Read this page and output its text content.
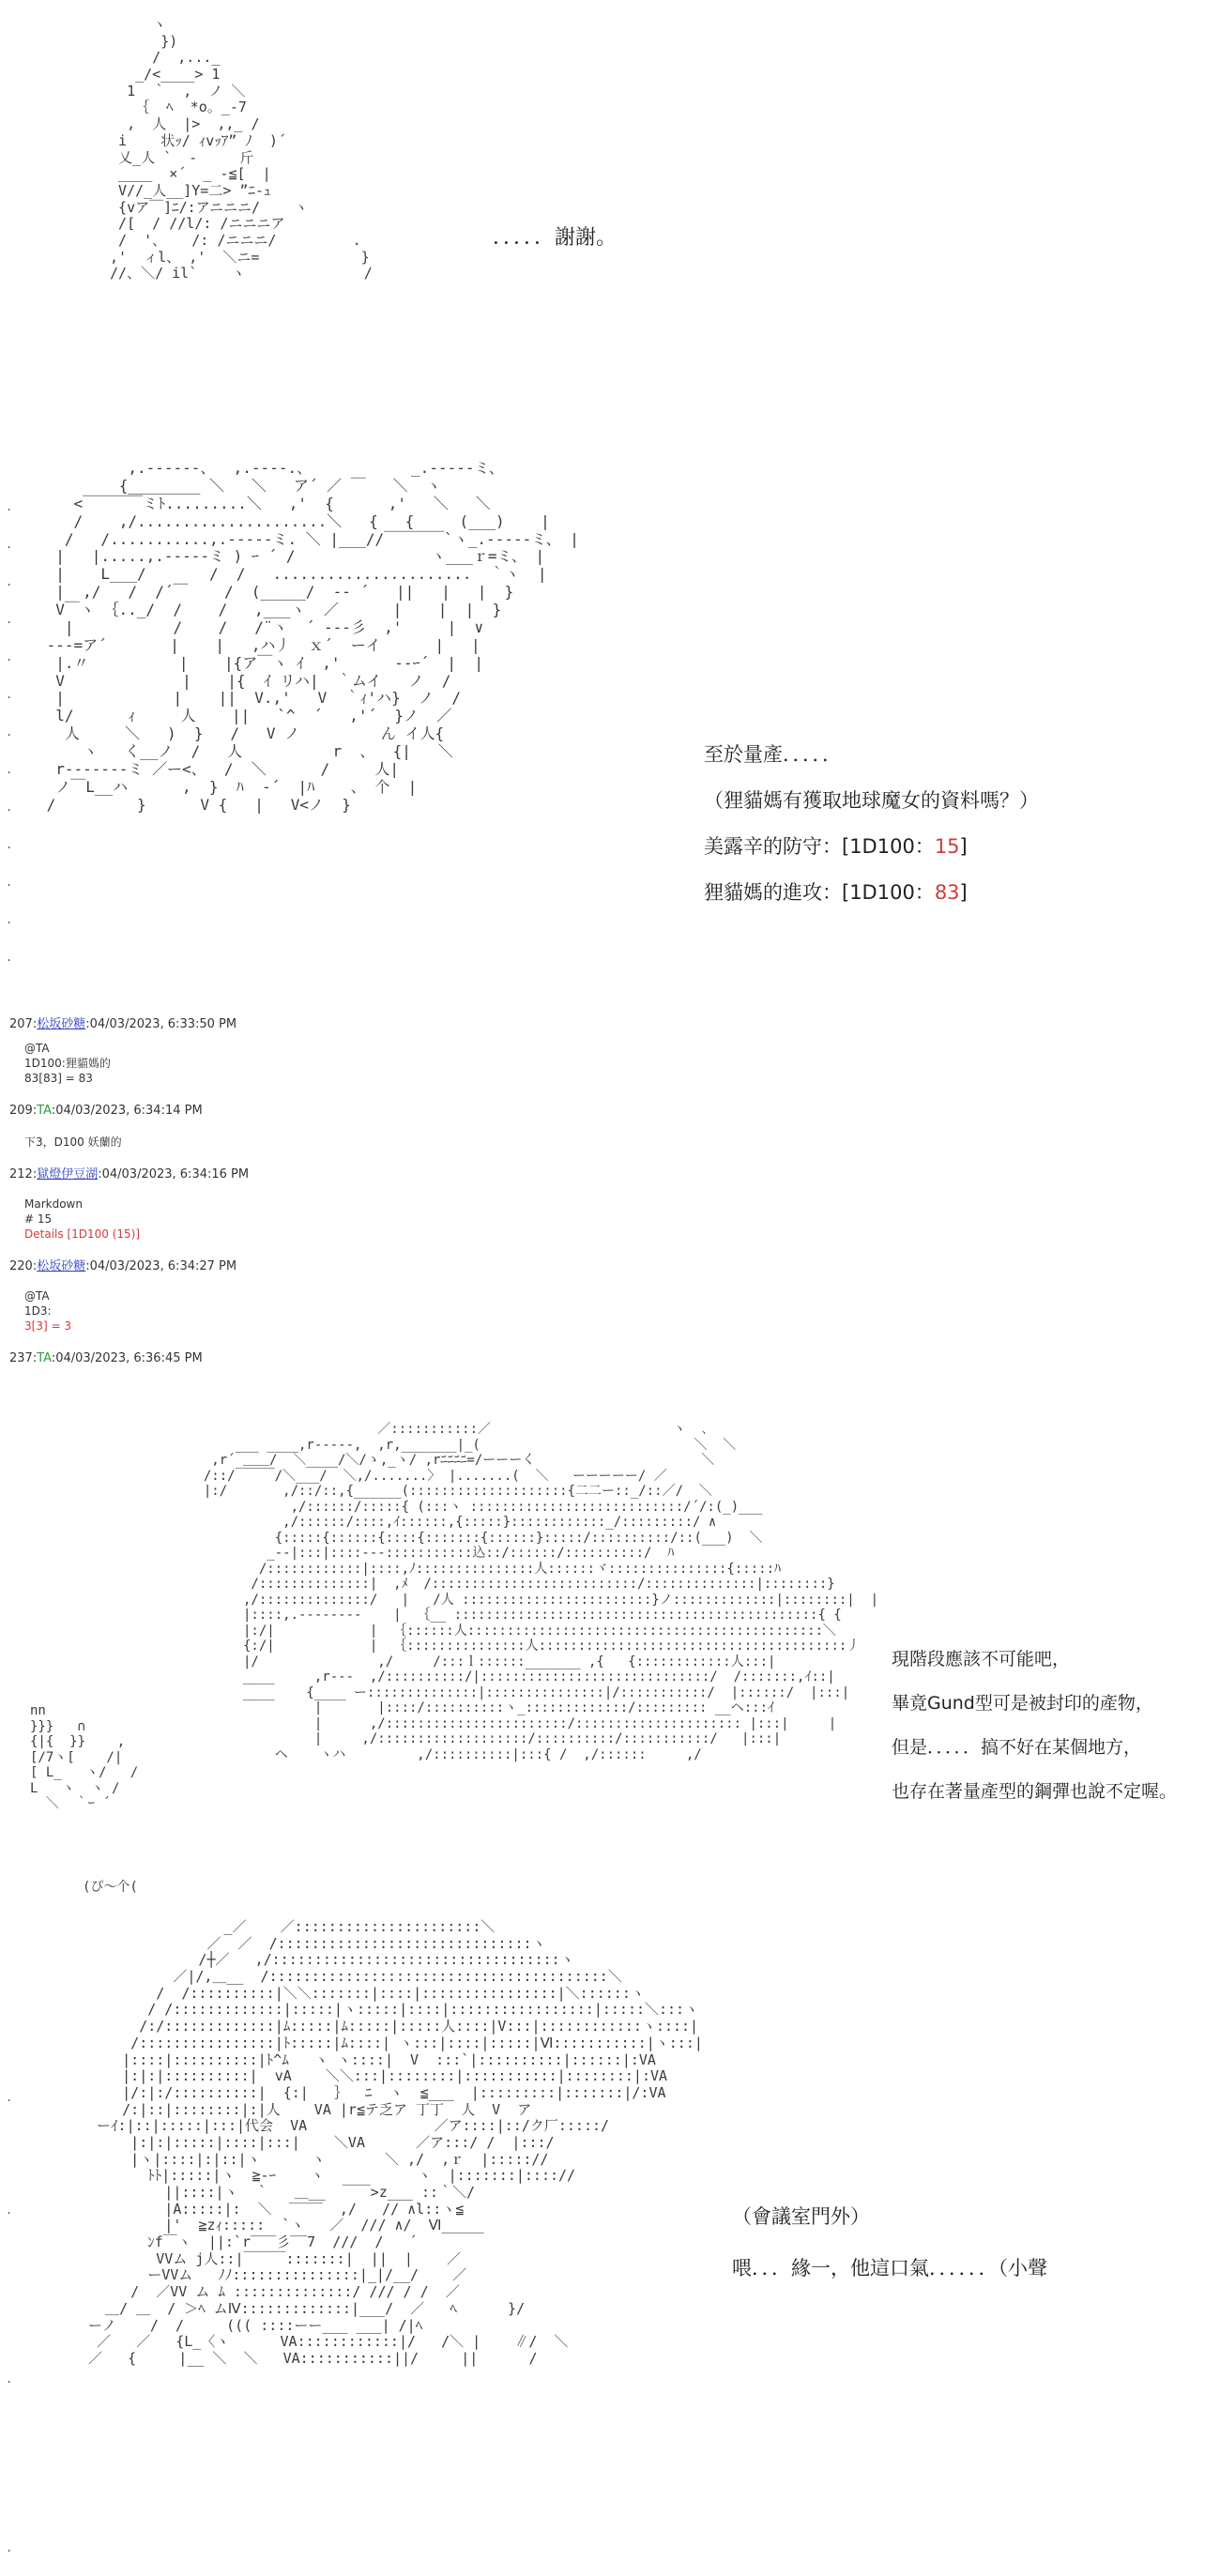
ヽ
})
/  ,..._
_/<____> 1
1  ｀  ,  ノ ＼
｛  ﾍ  *o。_-7
,  人  |>  ,,_ /
i    状ｯ/ ｨvｯｱ” ﾉ  )´
乂_人 `  -     斤
____  ×´  _ -≦[  |
V//_人__]Y=二> ”ﾆ-ｭ
{vア￣]ﾆ/:アニニニ/    ヽ
/[  / //l/: /ニニニア
/  '、   /: /ニニニ/         .
,'  ィl、 ,'  ＼ニ=            }
//、＼/ il`    ヽ              /
．．．．．謝謝。
.
.
.
.
.
.
.
.
.
.
.
.
.
,.------、  ,.----.、           _.-----ミ、
{________ ＼   ＼   ア´ ／ ￣   ＼  ヽ
<￣￣￣￣ミﾄ.........＼   ,'  {      ,'   ＼   ＼
/    ,/.....................＼   {   {     (___)    |
/   /...........,.-----ミ. ＼ |___//￣￣￣￣`ヽ_.-----ミ、 |
|   |.....,.-----ミ ) ｰ ´ /               ヽ___ｒ=ミ、 |
|    L___/       /  /   ......................  ｀ヽ  |
|  ,/   /  /´￣    /  (_____/  -- ´   ||   |   |  }
V￣ヽ ｛.._/  /    /   ,___ヽ  ／      |    |  |  }
|           /    /   /¨ヽ  ´ ---彡  ,'     |  ∨
---=ア´       |    |   ,ハ丿  ｘ´  ーイ      |   |
|.〃          |    |{ア￣ヽ ｲ  ,'      --ｰ´  |  |
V             |    |{  ｲ リハ|  ｀ムイ   ノ  /
|            |    ||  V.,'   V  ｀ｨ'ハ}  ノ  /
l/      ｨ     人    ||   `^  ´   ,'´  }ノ  ／
人     ＼   )  }   /   V ノ         ん イ人{
ヽ   く__ノ  /   人          r  、  {|   ＼
r-------ミ ／ー<、  /  ＼      /     人|
ノ￣L__ハ      ,  }  ﾊ  ‐´  |ﾊ    、 个  |
/         }      V {   |   V<ノ  }
至於量產．．．．．
（狸貓媽有獲取地球魔女的資料嗎？）
美露辛的防守：[1D100：15]
狸貓媽的進攻：[1D100：83]
207:松坂砂糖:04/03/2023, 6:33:50 PM
@TA
1D100:狸貓媽的
83[83] = 83
209:TA:04/03/2023, 6:34:14 PM
下3，D100 妖蘭的
212:獄燈伊豆湖:04/03/2023, 6:34:16 PM
Markdown
# 15
Details [1D100 (15)]
220:松坂砂糖:04/03/2023, 6:34:27 PM
@TA
1D3:
3[3] = 3
237:TA:04/03/2023, 6:36:45 PM
／:::::::::::／                       ヽ  ､
___ ____,r-----,  ,r,_______|_(                           ＼  ＼
,r´ ＿＿/  ＼____/＼/ゝ,_ヽ/ ,rﾆﾆﾆﾆ=/ーーーく                     ＼
/::/￣￣￣/＼___/  ＼,/.......〉 |.......(  ＼   ーーーーー/ ／
|:/       ,/::/::,{______(::::::::::::::::::::{二二ー::_/::／/  ＼
,/::::::/:::::{ (:::ヽ :::::::::::::::::::::::::::/´/:(_)___
,/::::::/::::,ｲ::::::,{:::::}::::::::::::_/:::::::::/ ∧
{:::::{::::::{::::{:::::::{::::::}:::::/::::::::::/::(___)  ＼
_--|:::|::::---:::::::::::込::/::::::/::::::::::/  ﾊ
/::::::::::::|::::,ﾉ:::::::::::::::人::::::ヾ:::::::::::::::{:::::ﾊ
/::::::::::::::|  ,ﾒ  /::::::::::::::::::::::::::/::::::::::::::|::::::::}
,/::::::::::::::/   |   /人 ::::::::::::::::::::::::}ノ:::::::::::::|::::::::|  |
|::::,.--------    |  ｛__ ::::::::::::::::::::::::::::::::::::::::::::::{ {
|:/|            |  ｛::::::人:::::::::::::::::::::::::::::::::::::::::::::＼
{:/|            |  ｛:::::::::::::::人:::::::::::::::::::::::::::::::::::::::丿
|/               ,/     /:::ｌ::::::_______ ,{   {::::::::::::人:::|
____     ,r---  ,/::::::::::/|:::::::::::::::::::::::::::::/  /:::::::,ｲ::|
____    {____ ー::::::::::::::|:::::::::::::::|/:::::::::::/  |::::::/  |:::|
|       |::::/::::::::::ヽ_:::::::::::::/::::::::: __ヘ:::ｲ
|      ,/:::::::::::::::::::::::/::::::::::::::::::::: |:::|     |
|     ,/:::::::::::::::::::/::::::::::/:::::::::::/   |:::|
ヘ    ヽハ         ,/::::::::::|:::{ /  ,/::::::     ,/
nn
}}}   ∩
{|{  }}    ,
[/7ヽ[    /|
[ L_   ヽ/   /
L   ヽ  ヽ /
＼  ｀ｰ ´
(ぴ〜个(
現階段應該不可能吧，
畢竟Gund型可是被封印的產物，
但是．．．．．搞不好在某個地方，
也存在著量產型的鋼彈也說不定喔。
.

.

.

.
_／    ／::::::::::::::::::::::＼
／  ／  /::::::::::::::::::::::::::::::ヽ
/┼／   ,/::::::::::::::::::::::::::::::::::ヽ
／|/,＿__  /::::::::::::::::::::::::::::::::::::::::＼
/  /::::::::::|＼＼:::::::|::::|::::::::::::::::|＼::::::ヽ
/ /:::::::::::::|:::::|ヽ:::::|::::|:::::::::::::::::|:::::＼:::ヽ
/:/:::::::::::::|ﾑ:::::|ﾑ:::::|:::::人::::|V:::|::::::::::::ヽ::::|
/::::::::::::::::|ﾄ:::::|ﾑ::::| ヽ:::|::::|:::::|Ⅵ:::::::::::|ヽ:::|
|::::|::::::::::|ﾄ^ﾑ   ヽ ヽ::::|  V  :::`|::::::::::|::::::|:VA
|:|:|::::::::::|  vA    ＼＼:::|::::::::|:::::::::::|::::::::|:VA
|/:|:/::::::::::|  {:|   ｝  ﾆ  ヽ  ≦___  |:::::::::|:::::::|/:VA
/:|::|::::::::|:|人    VA |r≦テ乏ア 丁丁  人  V  ア
ーｲ:|::|:::::|:::|代会  VA               ／ア::::|::/ク厂:::::/
|:|:|:::::|::::|:::|    ＼VA      ／ア:::/ /  |:::/
|ヽ|::::|:|::|ヽ      ヽ       ＼ ,/  ,ｒ  |::::://
ﾄﾄ|:::::|ヽ  ≧-ｰ    ヽ           ヽ  |:::::::|:::://
||::::|ヽ  ｀   ＿__  ￣￣>z___ ::｀＼/
|A:::::|:  ＼  ‾‾‾‾  ,/   // ∧l::ヽ≦
|'  ≧zｨ:::::  `ヽ   ／  /// ∧/  Ⅵ_____
ﾝf￣ヽ  ||:`r‾‾‾彡‾‾7  ///  /   ´
VVム j人::|￣￣￣:::::::|  ||  |    ／
ーVVム   ﾉﾉ:::::::::::::::|_|/__/    ／
/  ／VV ム ﾑ ::::::::::::::/ /// / /  ／
＿/ ＿  / ＞ﾍ ムⅣ:::::::::::::|___/  ／   ﾍ      }/
ーノ    /  /     ((( ::::ーー___ ___| /|ﾍ
／   ／   {L_〈ヽ      VA::::::::::::|/   /＼ |    ∥/  ＼
／   {     |__ ＼  ＼   VA:::::::::::||/     ||      /
（會議室門外）
喂．．．緣一，他這口氣．．．．．．（小聲
